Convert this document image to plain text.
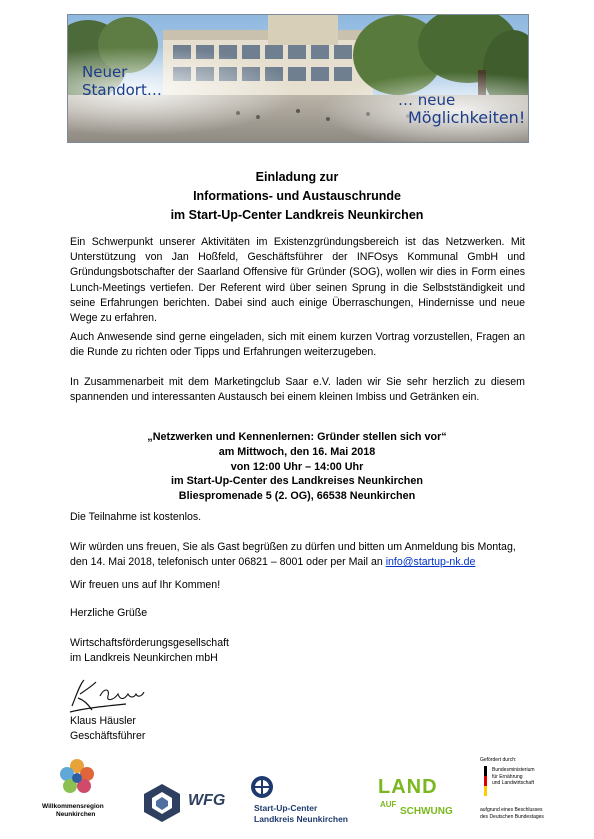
Neuer
Standort…
… neue
Möglichkeiten!
Einladung zur
Informations- und Austauschrunde
im Start-Up-Center Landkreis Neunkirchen
Ein Schwerpunkt unserer Aktivitäten im Existenzgründungsbereich ist das Netzwerken. Mit Unterstützung von Jan Hoßfeld, Geschäftsführer der INFOsys Kommunal GmbH und Gründungsbotschafter der Saarland Offensive für Gründer (SOG), wollen wir dies in Form eines Lunch-Meetings vertiefen. Der Referent wird über seinen Sprung in die Selbstständigkeit und seine Erfahrungen berichten. Dabei sind auch einige Überraschungen, Hindernisse und neue Wege zu erfahren.
Auch Anwesende sind gerne eingeladen, sich mit einem kurzen Vortrag vorzustellen, Fragen an die Runde zu richten oder Tipps und Erfahrungen weiterzugeben.
In Zusammenarbeit mit dem Marketingclub Saar e.V. laden wir Sie sehr herzlich zu diesem spannenden und interessanten Austausch bei einem kleinen Imbiss und Getränken ein.
„Netzwerken und Kennenlernen: Gründer stellen sich vor“
am Mittwoch, den 16. Mai 2018
von 12:00 Uhr – 14:00 Uhr
im Start-Up-Center des Landkreises Neunkirchen
Bliespromenade 5 (2. OG), 66538 Neunkirchen
Die Teilnahme ist kostenlos.
Wir würden uns freuen, Sie als Gast begrüßen zu dürfen und bitten um Anmeldung bis Montag, den 14. Mai 2018, telefonisch unter 06821 – 8001 oder per Mail an info@startup-nk.de
Wir freuen uns auf Ihr Kommen!
Herzliche Grüße
Wirtschaftsförderungsgesellschaft
im Landkreis Neunkirchen mbH
Klaus Häusler
Geschäftsführer
Willkommensregion
Neunkirchen
WFG	Start-Up-Center
Landkreis Neunkirchen
LAND
AUF
SCHWUNG
Gefördert durch:
Bundesministerium
für Ernährung
und Landwirtschaft
aufgrund eines Beschlusses
des Deutschen Bundestages
